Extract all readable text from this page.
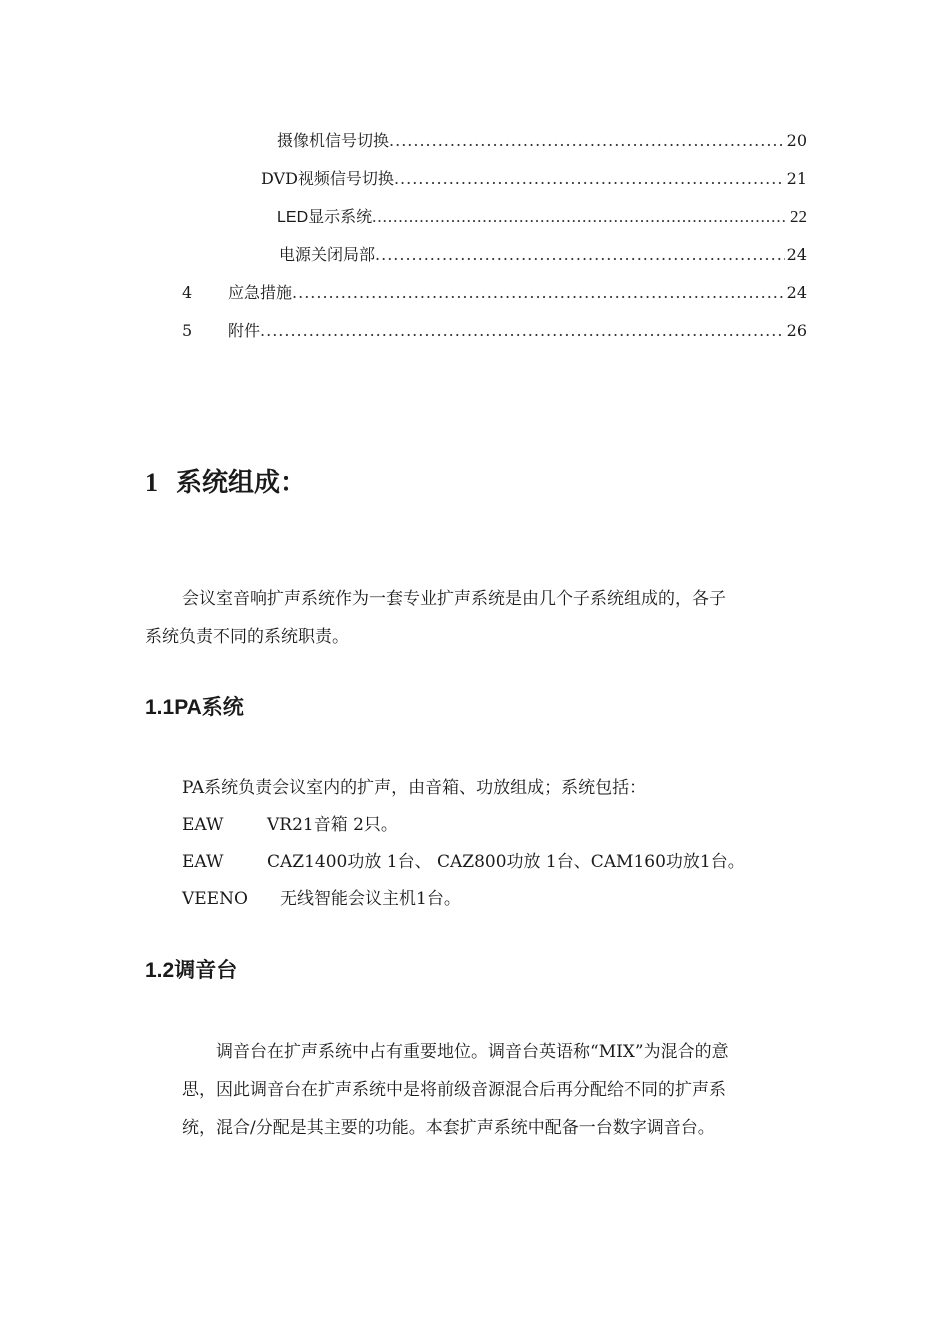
摄像机信号切换 .....	20
DVD视频信号切换 .....	21
LED显示系统 .....	22
电源关闭局部 .....	24
4	应急措施 .....	24
5	附件 .....	26
1 系统组成：
会议室音响扩声系统作为一套专业扩声系统是由几个子系统组成的，各子
系统负责不同的系统职责。
1.1PA系统
PA系统负责会议室内的扩声，由音箱、功放组成；系统包括：
EAW	VR21音箱 2只。
EAW	CAZ1400功放 1台、 CAZ800功放 1台、CAM160功放1台。
VEENO 无线智能会议主机1台。
1.2调音台
调音台在扩声系统中占有重要地位。调音台英语称“MIX”为混合的意
思，因此调音台在扩声系统中是将前级音源混合后再分配给不同的扩声系
统，混合/分配是其主要的功能。本套扩声系统中配备一台数字调音台。
